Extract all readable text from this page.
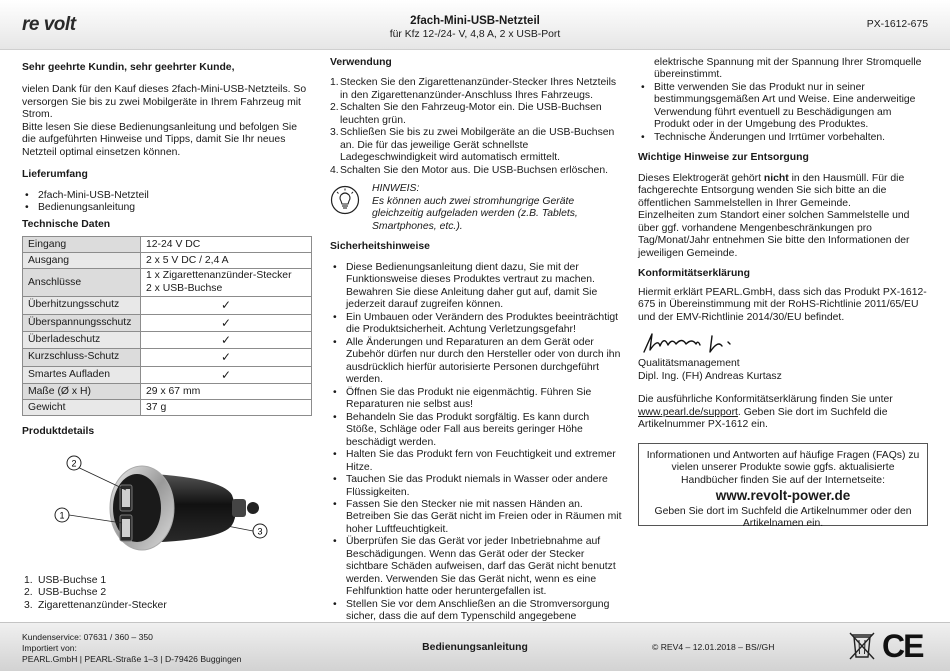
re volt	2fach-Mini-USB-Netzteil
für Kfz 12-/24- V, 4,8 A, 2 x USB-Port
PX-1612-675
Sehr geehrte Kundin, sehr geehrter Kunde,

vielen Dank für den Kauf dieses 2fach-Mini-USB-Netzteils. So versorgen Sie bis zu zwei Mobilgeräte in Ihrem Fahrzeug mit Strom.

Bitte lesen Sie diese Bedienungsanleitung und befolgen Sie die aufgeführten Hinweise und Tipps, damit Sie Ihr neues Netzteil optimal einsetzen können.

Lieferumfang
• 2fach-Mini-USB-Netzteil
• Bedienungsanleitung
Technische Daten
Eingang	12-24 V DC
Ausgang	2 x 5 V DC / 2,4 A
Anschlüsse	1 x Zigarettenanzünder-Stecker
2 x USB-Buchse

Überhitzungsschutz	✓
Überspannungsschutz	✓
Überladeschutz	✓
Kurzschluss-Schutz	✓
Smartes Aufladen	✓
Maße (Ø x H)	29 x 67 mm
Gewicht	37 g
Produktdetails
2
1
3
1. USB-Buchse 1
2. USB-Buchse 2
3. Zigarettenanzünder-Stecker
Verwendung
1. Stecken Sie den Zigarettenanzünder-Stecker Ihres Netzteils in den Zigarettenanzünder-Anschluss Ihres Fahrzeugs.
2. Schalten Sie den Fahrzeug-Motor ein. Die USB-Buchsen leuchten grün.
3. Schließen Sie bis zu zwei Mobilgeräte an die USB-Buchsen an. Die für das jeweilige Gerät schnellste Ladegeschwindigkeit wird automatisch ermittelt.
4. Schalten Sie den Motor aus. Die USB-Buchsen erlöschen.
HINWEIS:
Es können auch zwei stromhungrige Geräte gleichzeitig aufgeladen werden (z.B. Tablets, Smartphones, etc.).
Sicherheitshinweise
• Diese Bedienungsanleitung dient dazu, Sie mit der Funktionsweise dieses Produktes vertraut zu machen. Bewahren Sie diese Anleitung daher gut auf, damit Sie jederzeit darauf zugreifen können.
• Ein Umbauen oder Verändern des Produktes beeinträchtigt die Produktsicherheit. Achtung Verletzungsgefahr!
• Alle Änderungen und Reparaturen an dem Gerät oder Zubehör dürfen nur durch den Hersteller oder von durch ihn ausdrücklich hierfür autorisierte Personen durchgeführt werden.
• Öffnen Sie das Produkt nie eigenmächtig. Führen Sie Reparaturen nie selbst aus!
• Behandeln Sie das Produkt sorgfältig. Es kann durch Stöße, Schläge oder Fall aus bereits geringer Höhe beschädigt werden.
• Halten Sie das Produkt fern von Feuchtigkeit und extremer Hitze.
• Tauchen Sie das Produkt niemals in Wasser oder andere Flüssigkeiten.
• Fassen Sie den Stecker nie mit nassen Händen an. Betreiben Sie das Gerät nicht im Freien oder in Räumen mit hoher Luftfeuchtigkeit.
• Überprüfen Sie das Gerät vor jeder Inbetriebnahme auf Beschädigungen. Wenn das Gerät oder der Stecker sichtbare Schäden aufweisen, darf das Gerät nicht benutzt werden. Verwenden Sie das Gerät nicht, wenn es eine Fehlfunktion hatte oder heruntergefallen ist.
• Stellen Sie vor dem Anschließen an die Stromversorgung sicher, dass die auf dem Typenschild angegebene

elektrische Spannung mit der Spannung Ihrer Stromquelle übereinstimmt.

• Bitte verwenden Sie das Produkt nur in seiner bestimmungsgemäßen Art und Weise. Eine anderweitige Verwendung führt eventuell zu Beschädigungen am Produkt oder in der Umgebung des Produktes.
• Technische Änderungen und Irrtümer vorbehalten.
Wichtige Hinweise zur Entsorgung

Dieses Elektrogerät gehört nicht in den Hausmüll. Für die fachgerechte Entsorgung wenden Sie sich bitte an die öffentlichen Sammelstellen in Ihrer Gemeinde.

Einzelheiten zum Standort einer solchen Sammelstelle und über ggf. vorhandene Mengenbeschränkungen pro Tag/Monat/Jahr entnehmen Sie bitte den Informationen der jeweiligen Gemeinde.

Konformitätserklärung

Hiermit erklärt PEARL.GmbH, dass sich das Produkt PX-1612-675 in Übereinstimmung mit der RoHS-Richtlinie 2011/65/EU und der EMV-Richtlinie 2014/30/EU befindet.

Qualitätsmanagement

Dipl. Ing. (FH) Andreas Kurtasz

Die ausführliche Konformitätserklärung finden Sie unter www.pearl.de/support. Geben Sie dort im Suchfeld die Artikelnummer PX-1612 ein.

Informationen und Antworten auf häufige Fragen (FAQs) zu vielen unserer Produkte sowie ggfs. aktualisierte Handbücher finden Sie auf der Internetseite:
www.revolt-power.de
Geben Sie dort im Suchfeld die Artikelnummer oder den Artikelnamen ein.
Kundenservice: 07631 / 360 – 350
Importiert von:
PEARL.GmbH | PEARL-Straße 1–3 | D-79426 Buggingen
Bedienungsanleitung	© REV4 – 12.01.2018 – BS//GH	CE
